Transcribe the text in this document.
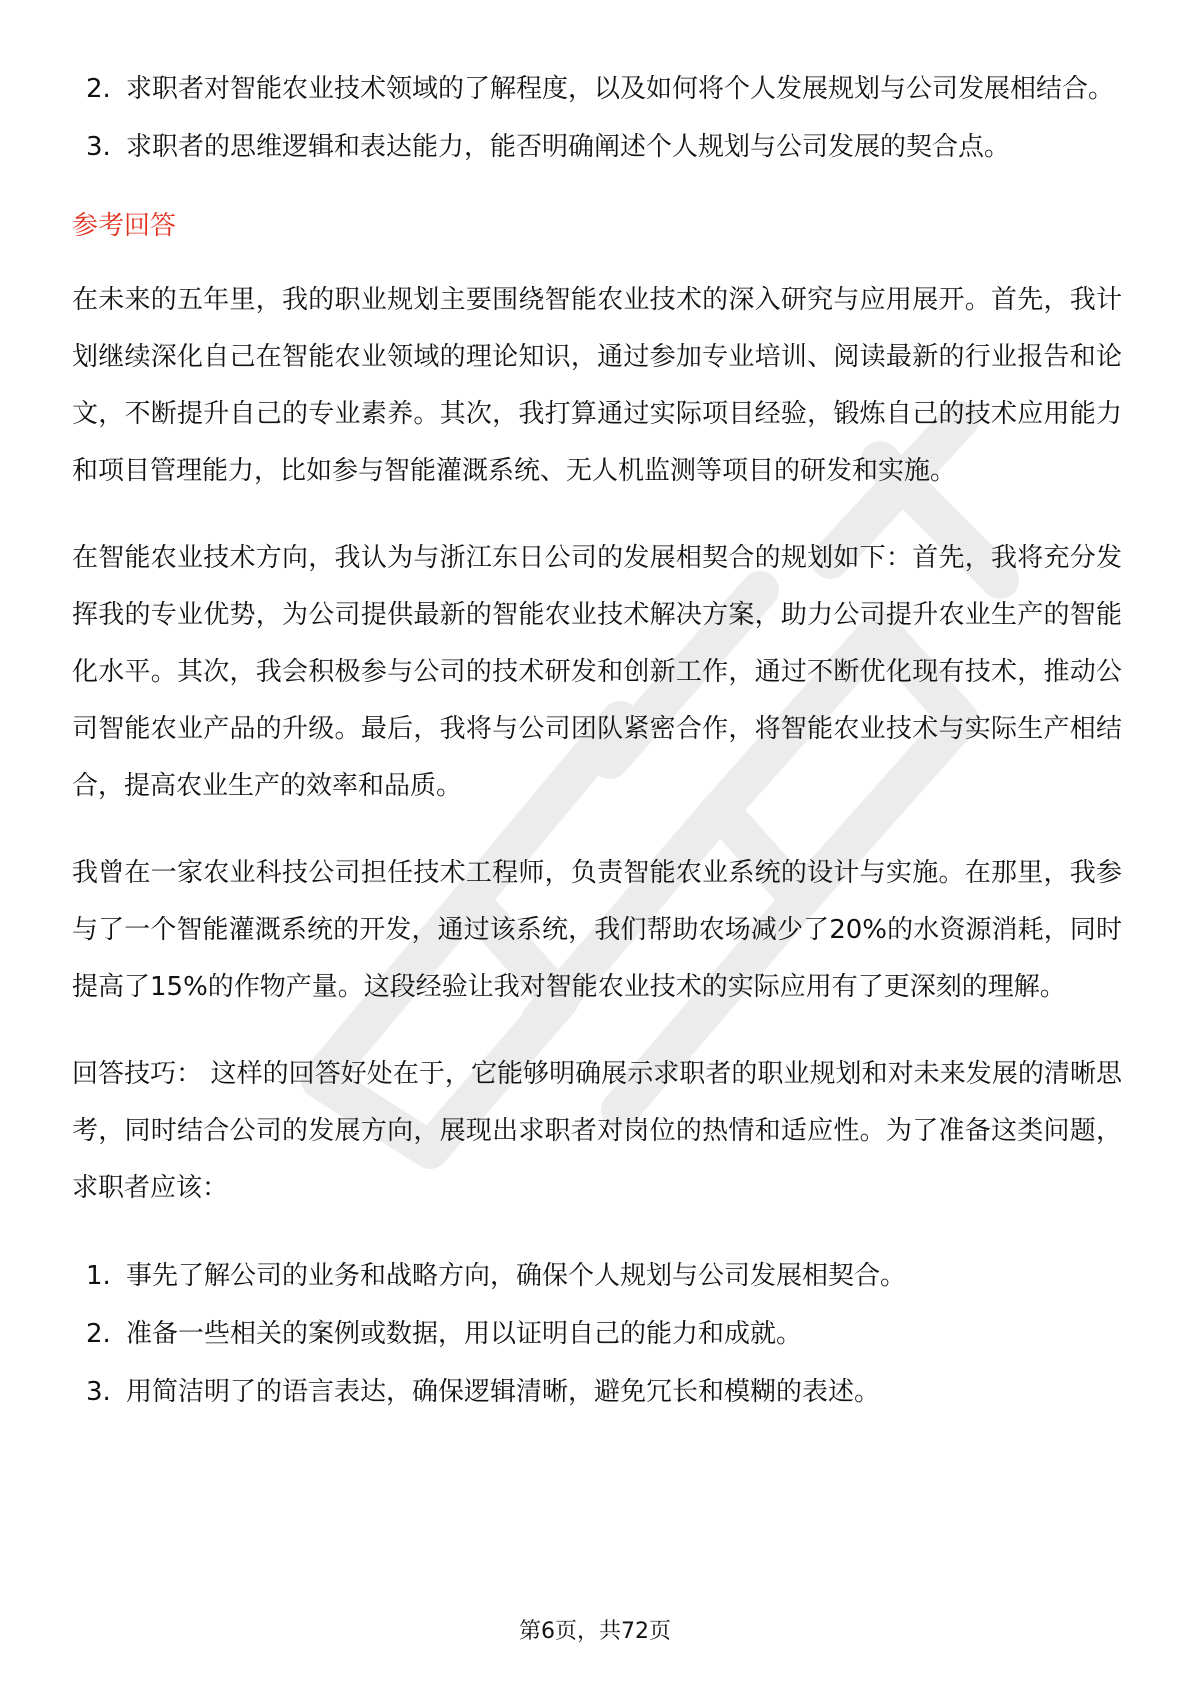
2. 求职者对智能农业技术领域的了解程度，以及如何将个人发展规划与公司发展相结合。
3. 求职者的思维逻辑和表达能力，能否明确阐述个人规划与公司发展的契合点。
参考回答

在未来的五年里，我的职业规划主要围绕智能农业技术的深入研究与应用展开。首先，我计划继续深化自己在智能农业领域的理论知识，通过参加专业培训、阅读最新的行业报告和论文，不断提升自己的专业素养。其次，我打算通过实际项目经验，锻炼自己的技术应用能力和项目管理能力，比如参与智能灌溉系统、无人机监测等项目的研发和实施。

在智能农业技术方向，我认为与浙江东日公司的发展相契合的规划如下：首先，我将充分发挥我的专业优势，为公司提供最新的智能农业技术解决方案，助力公司提升农业生产的智能化水平。其次，我会积极参与公司的技术研发和创新工作，通过不断优化现有技术，推动公司智能农业产品的升级。最后，我将与公司团队紧密合作，将智能农业技术与实际生产相结合，提高农业生产的效率和品质。

我曾在一家农业科技公司担任技术工程师，负责智能农业系统的设计与实施。在那里，我参与了一个智能灌溉系统的开发，通过该系统，我们帮助农场减少了20%的水资源消耗，同时提高了15%的作物产量。这段经验让我对智能农业技术的实际应用有了更深刻的理解。

回答技巧： 这样的回答好处在于，它能够明确展示求职者的职业规划和对未来发展的清晰思考，同时结合公司的发展方向，展现出求职者对岗位的热情和适应性。为了准备这类问题，求职者应该：

1. 事先了解公司的业务和战略方向，确保个人规划与公司发展相契合。
2. 准备一些相关的案例或数据，用以证明自己的能力和成就。
3. 用简洁明了的语言表达，确保逻辑清晰，避免冗长和模糊的表述。
第6页，共72页
